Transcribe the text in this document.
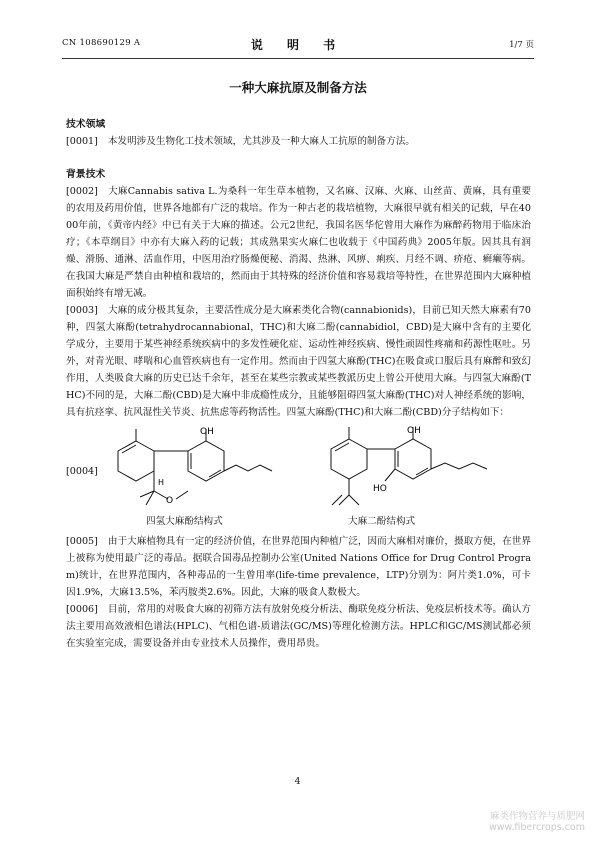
CN 108690129 A	说 明 书	1/7 页
一种大麻抗原及制备方法
技术领域
[0001] 本发明涉及生物化工技术领域，尤其涉及一种大麻人工抗原的制备方法。
背景技术
[0002] 大麻Cannabis sativa L.为桑科一年生草本植物，又名麻、汉麻、火麻、山丝苗、黄麻，具有重要的农用及药用价值，世界各地都有广泛的栽培。作为一种古老的栽培植物，大麻很早就有相关的记载，早在4000年前，《黄帝内经》中已有关于大麻的描述。公元2世纪，我国名医华佗曾用大麻作为麻醉药物用于临床治疗；《本草纲目》中亦有大麻入药的记载；其成熟果实火麻仁也收载于《中国药典》2005年版。因其具有润燥、滑肠、通淋、活血作用，中医用治疗肠燥便秘、消渴、热淋、风痹、痢疾、月经不调、疥疮、癣癞等病。在我国大麻是严禁自由种植和栽培的，然而由于其特殊的经济价值和容易栽培等特性，在世界范围内大麻种植面积始终有增无减。
[0003] 大麻的成分极其复杂，主要活性成分是大麻素类化合物(cannabionids)，目前已知天然大麻素有70种，四氢大麻酚(tetrahydrocannabional，THC)和大麻二酚(cannabidiol，CBD)是大麻中含有的主要化学成分，主要用于某些神经系统疾病中的多发性硬化症、运动性神经疾病、慢性顽固性疼痛和药源性呕吐。另外，对青光眼、哮喘和心血管疾病也有一定作用。然而由于四氢大麻酚(THC)在吸食或口服后具有麻醉和致幻作用，人类吸食大麻的历史已达千余年，甚至在某些宗教或某些教派历史上曾公开使用大麻。与四氢大麻酚(THC)不同的是，大麻二酚(CBD)是大麻中非成瘾性成分，且能够阻碍四氢大麻酚(THC)对人神经系统的影响，具有抗痉挛、抗风湿性关节炎、抗焦虑等药物活性。四氢大麻酚(THC)和大麻二酚(CBD)分子结构如下：
[0004]
O
H
OH
四氢大麻酚结构式
OH
HO
大麻二酚结构式
[0005] 由于大麻植物具有一定的经济价值，在世界范围内种植广泛，因而大麻相对廉价，摄取方便，在世界上被称为使用最广泛的毒品。据联合国毒品控制办公室(United Nations Office for Drug Control Program)统计，在世界范围内，各种毒品的一生曾用率(life-time prevalence，LTP)分别为：阿片类1.0%，可卡因1.9%，大麻13.5%，苯丙胺类2.6%。因此，大麻的吸食人数极大。
[0006] 目前，常用的对吸食大麻的初筛方法有放射免疫分析法、酶联免疫分析法、免疫层析技术等。确认方法主要用高效液相色谱法(HPLC)、气相色谱-质谱法(GC/MS)等理化检测方法。HPLC和GC/MS测试都必须在实验室完成，需要设备并由专业技术人员操作，费用昂贵。
4
麻类作物营养与质肥网
www.fibercrops.com
